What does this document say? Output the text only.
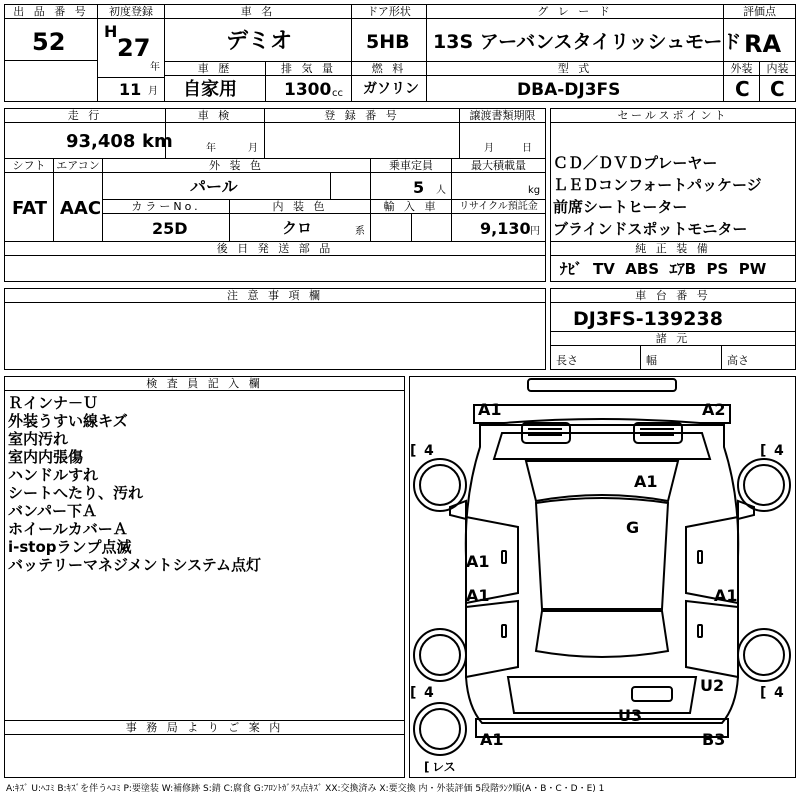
出 品 番 号
52
初度登録
H
27
年
11 月
車 名
デミオ
ドア形状
5HB
グ レ ー ド
13S アーバンスタイリッシュモード
評価点
RA
車 歴
自家用
排 気 量
1300 cc
燃 料
ガソリン
型 式
DBA-DJ3FS
外装	内装
C C
走 行
93,408 km
車 検
年	月
登 録 番 号	譲渡書類期限
月	日
シフト
FAT
エアコン
AAC
外 装 色
パール
乗車定員
5 人
最大積載量
kg
カラーNo.
25D
内 装 色
クロ	系
輸 入 車	リサイクル預託金
9,130 円
後 日 発 送 部 品
セールスポイント
ＣＤ／ＤＶＤプレーヤー
ＬＥＤコンフォートパッケージ
前席シートヒーター
ブラインドスポットモニター
純 正 装 備
ﾅﾋﾞ TV ABS ｴｱB PS PW
注 意 事 項 欄	車 台 番 号
DJ3FS-139238
諸 元
長さ	幅	高さ
検 査 員 記 入 欄
Ｒインナ－Ｕ
外装うすい線キズ
室内汚れ
室内内張傷
ハンドルすれ
シートへたり、汚れ
バンパー下Ａ
ホイールカバーＡ
i-stopランプ点滅
バッテリーマネジメントシステム点灯
事 務 局 よ り ご 案 内
[ 4	[ 4
[ 4	[ 4
[ レス
A1	A2
A1
G
A1
A1	A1
U2
U3
A1	B3
A:ｷｽﾞ U:ﾍｺﾐ B:ｷｽﾞを伴うﾍｺﾐ P:要塗装 W:補修跡 S:錆 C:腐食 G:ﾌﾛﾝﾄｶﾞﾗｽ点ｷｽﾞ XX:交換済み X:要交換 内・外装評価 5段階ﾗﾝｸ順(A・B・C・D・E) 1
